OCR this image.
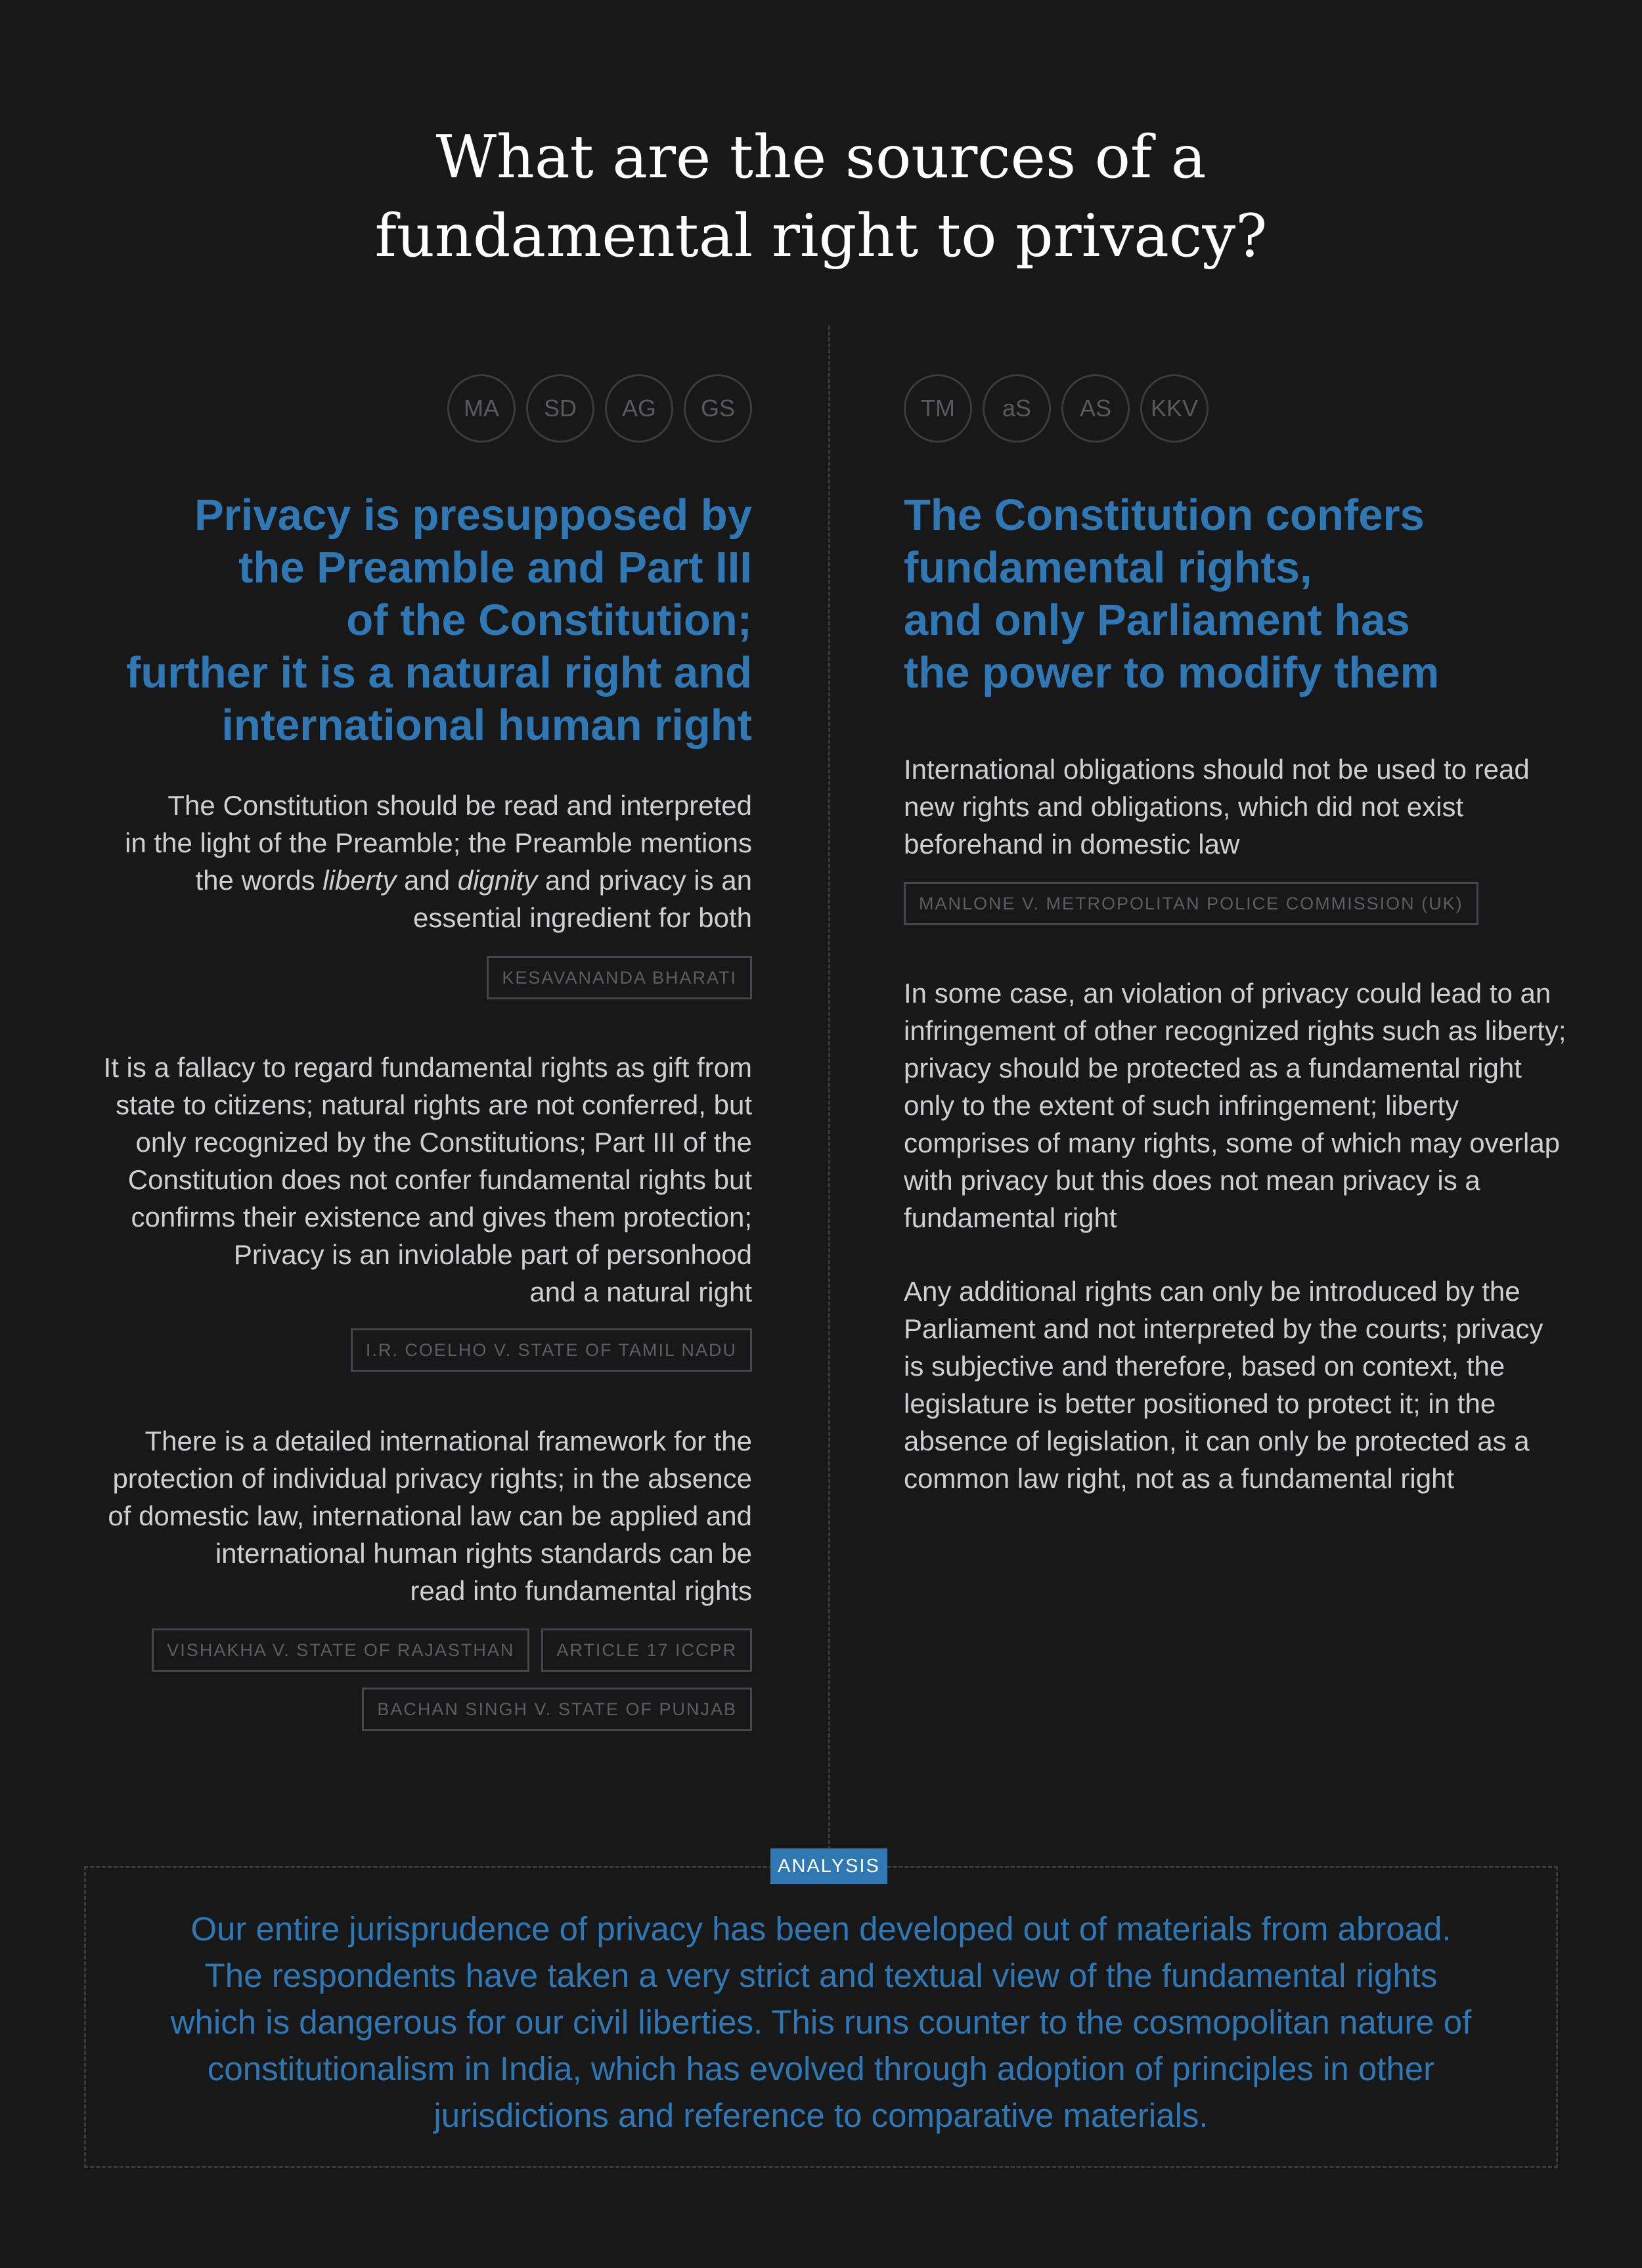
What are the sources of a
fundamental right to privacy?
MA	SD	AG	GS
Privacy is presupposed by
the Preamble and Part III
of the Constitution;
further it is a natural right and
international human right
The Constitution should be read and interpreted
in the light of the Preamble; the Preamble mentions
the words liberty and dignity and privacy is an
essential ingredient for both
KESAVANANDA BHARATI
It is a fallacy to regard fundamental rights as gift from
state to citizens; natural rights are not conferred, but
only recognized by the Constitutions; Part III of the
Constitution does not confer fundamental rights but
confirms their existence and gives them protection;
Privacy is an inviolable part of personhood
and a natural right
I.R. COELHO V. STATE OF TAMIL NADU
There is a detailed international framework for the
protection of individual privacy rights; in the absence
of domestic law, international law can be applied and
international human rights standards can be
read into fundamental rights
VISHAKHA V. STATE OF RAJASTHAN	ARTICLE 17 ICCPR
BACHAN SINGH V. STATE OF PUNJAB
TM	aS	AS	KKV
The Constitution confers
fundamental rights,
and only Parliament has
the power to modify them
International obligations should not be used to read
new rights and obligations, which did not exist
beforehand in domestic law
MANLONE V. METROPOLITAN POLICE COMMISSION (UK)
In some case, an violation of privacy could lead to an
infringement of other recognized rights such as liberty;
privacy should be protected as a fundamental right
only to the extent of such infringement; liberty
comprises of many rights, some of which may overlap
with privacy but this does not mean privacy is a
fundamental right
Any additional rights can only be introduced by the
Parliament and not interpreted by the courts; privacy
is subjective and therefore, based on context, the
legislature is better positioned to protect it; in the
absence of legislation, it can only be protected as a
common law right, not as a fundamental right
ANALYSIS
Our entire jurisprudence of privacy has been developed out of materials from abroad.
The respondents have taken a very strict and textual view of the fundamental rights
which is dangerous for our civil liberties. This runs counter to the cosmopolitan nature of
constitutionalism in India, which has evolved through adoption of principles in other
jurisdictions and reference to comparative materials.
